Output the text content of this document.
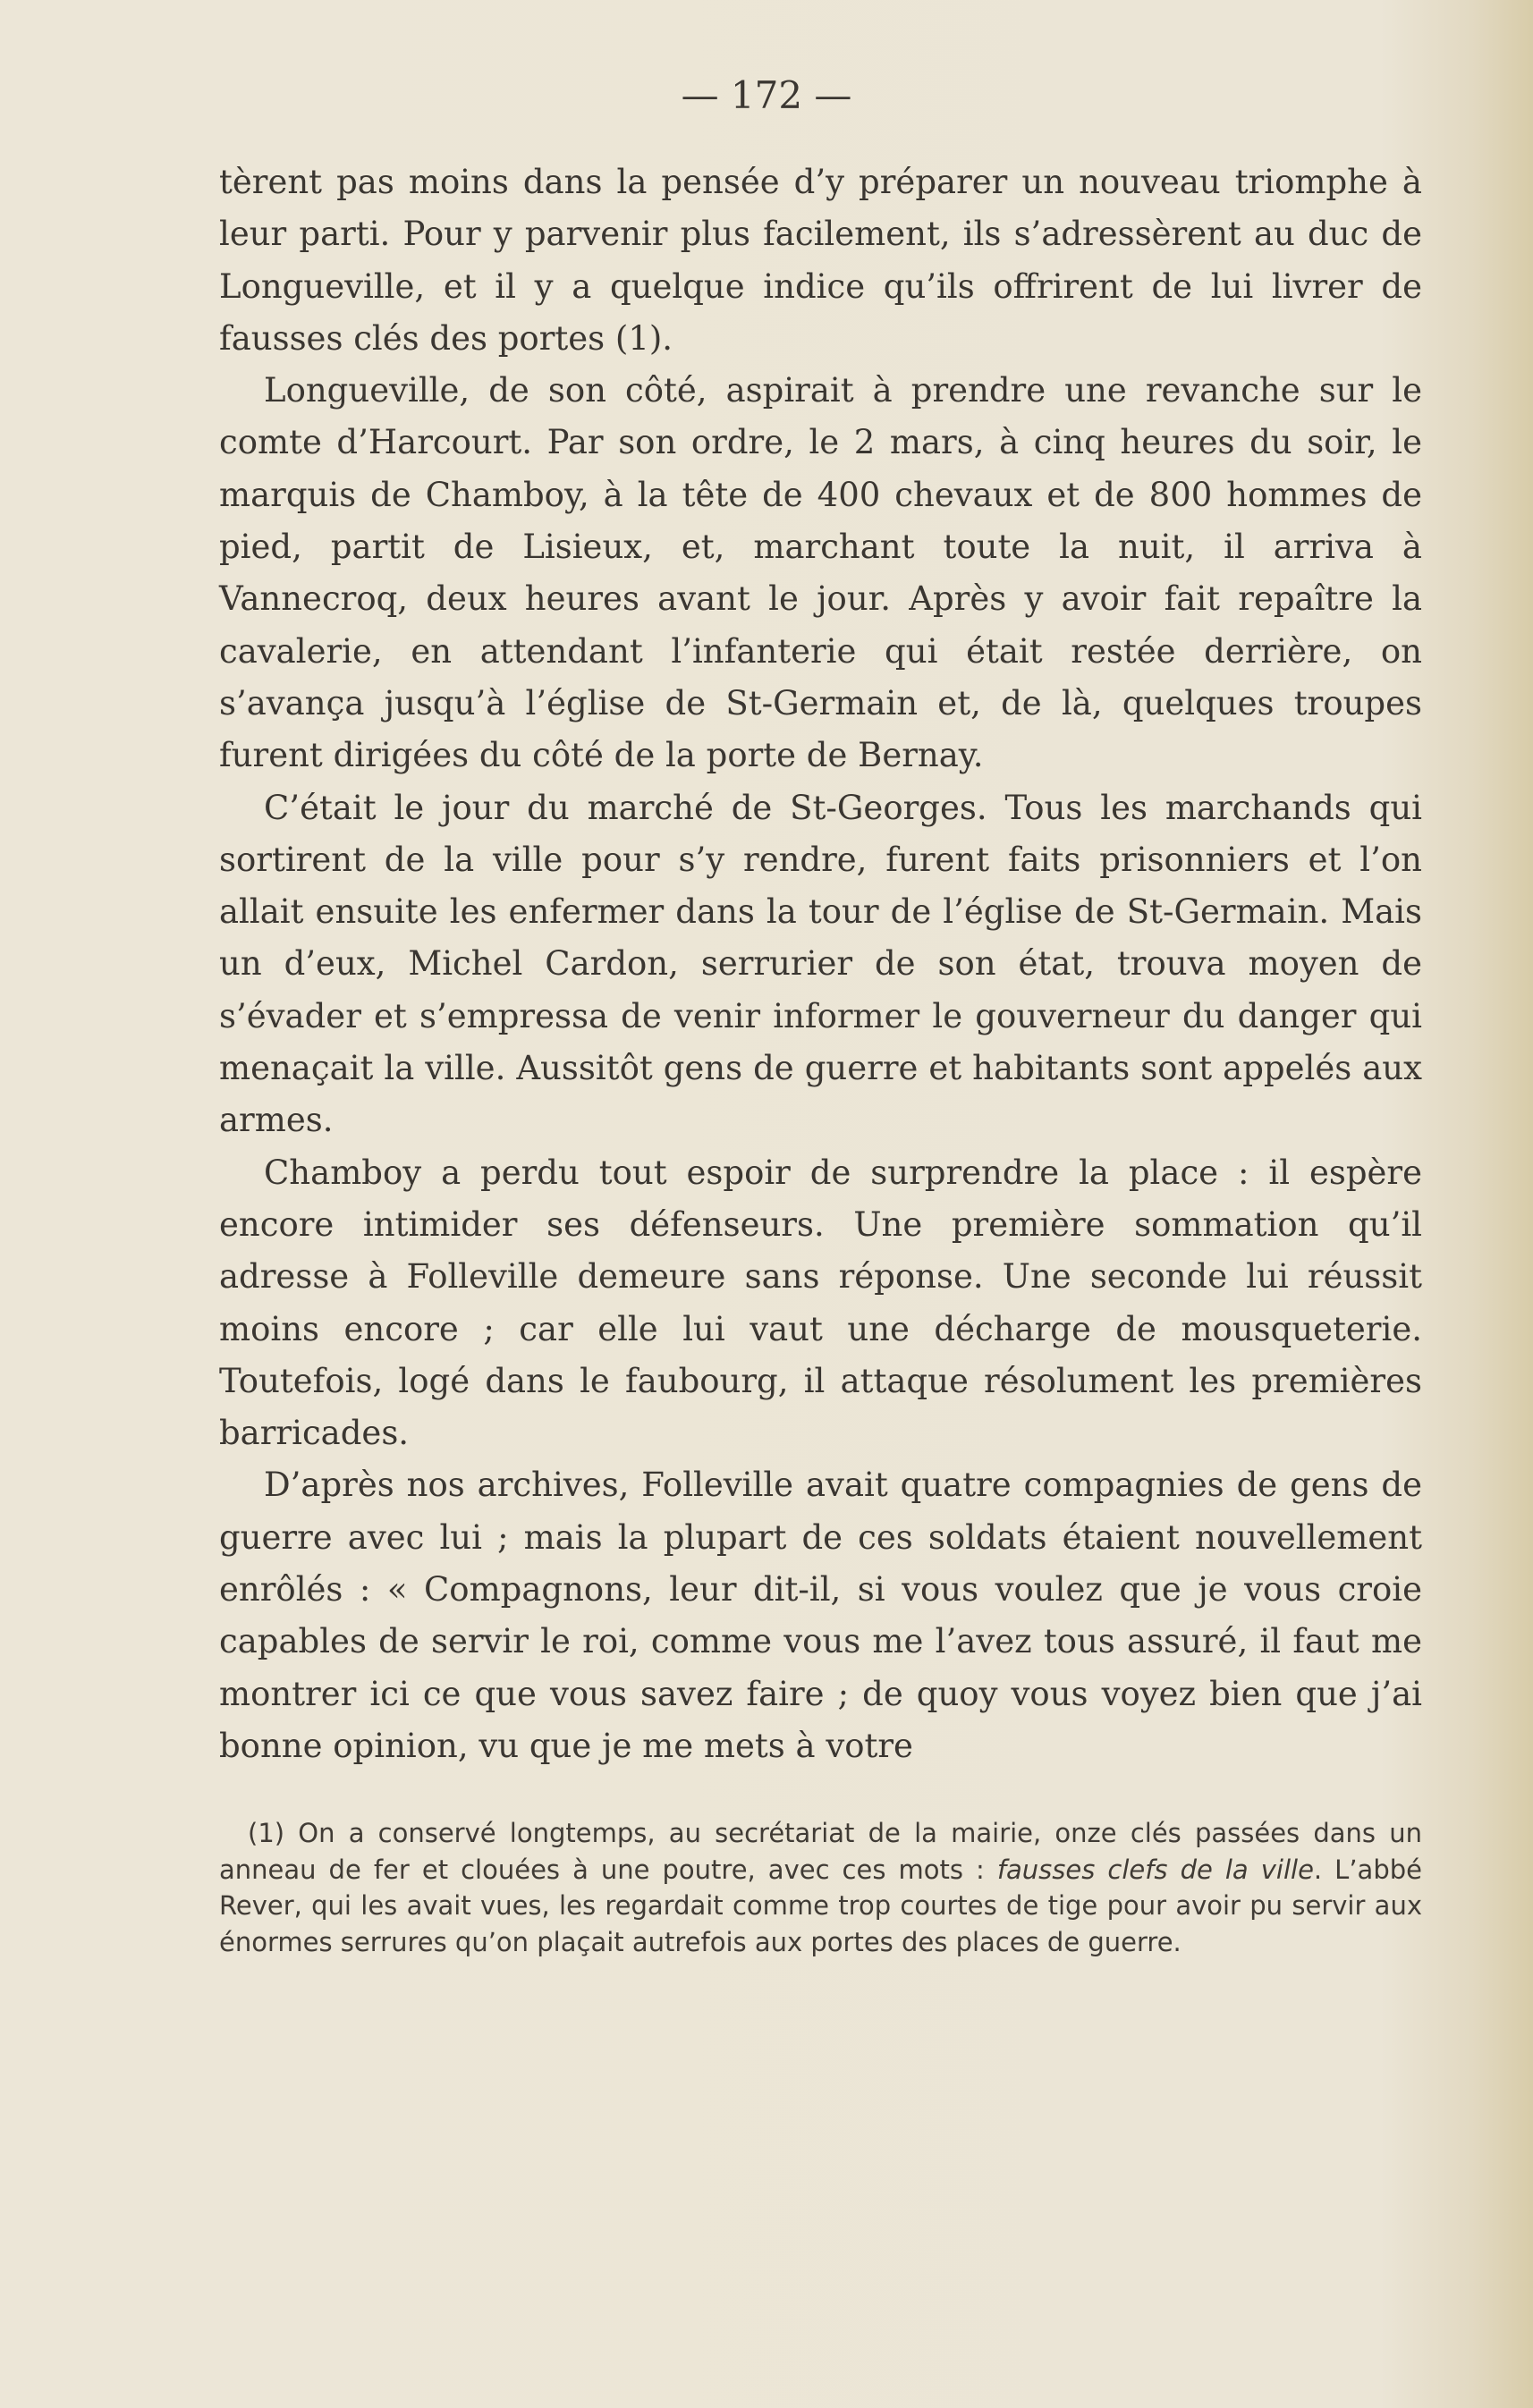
— 172 —

tèrent pas moins dans la pensée d’y préparer un nouveau triomphe à leur parti. Pour y parvenir plus facilement, ils s’adressèrent au duc de Longueville, et il y a quelque indice qu’ils offrirent de lui livrer de fausses clés des portes (1).

Longueville, de son côté, aspirait à prendre une revanche sur le comte d’Harcourt. Par son ordre, le 2 mars, à cinq heures du soir, le marquis de Chamboy, à la tête de 400 chevaux et de 800 hommes de pied, partit de Lisieux, et, marchant toute la nuit, il arriva à Vannecroq, deux heures avant le jour. Après y avoir fait repaître la cavalerie, en attendant l’infanterie qui était restée derrière, on s’avança jusqu’à l’église de St-Germain et, de là, quelques troupes furent dirigées du côté de la porte de Bernay.

C’était le jour du marché de St-Georges. Tous les marchands qui sortirent de la ville pour s’y rendre, furent faits prisonniers et l’on allait ensuite les enfermer dans la tour de l’église de St-Germain. Mais un d’eux, Michel Cardon, serrurier de son état, trouva moyen de s’évader et s’empressa de venir informer le gouverneur du danger qui menaçait la ville. Aussitôt gens de guerre et habitants sont appelés aux armes.

Chamboy a perdu tout espoir de surprendre la place : il espère encore intimider ses défenseurs. Une première sommation qu’il adresse à Folleville demeure sans réponse. Une seconde lui réussit moins encore ; car elle lui vaut une décharge de mousqueterie. Toutefois, logé dans le faubourg, il attaque résolument les premières barricades.

D’après nos archives, Folleville avait quatre compagnies de gens de guerre avec lui ; mais la plupart de ces soldats étaient nouvellement enrôlés : « Compagnons, leur dit-il, si vous voulez que je vous croie capables de servir le roi, comme vous me l’avez tous assuré, il faut me montrer ici ce que vous savez faire ; de quoy vous voyez bien que j’ai bonne opinion, vu que je me mets à votre

(1) On a conservé longtemps, au secrétariat de la mairie, onze clés passées dans un anneau de fer et clouées à une poutre, avec ces mots : fausses clefs de la ville. L’abbé Rever, qui les avait vues, les regardait comme trop courtes de tige pour avoir pu servir aux énormes serrures qu’on plaçait autrefois aux portes des places de guerre.
